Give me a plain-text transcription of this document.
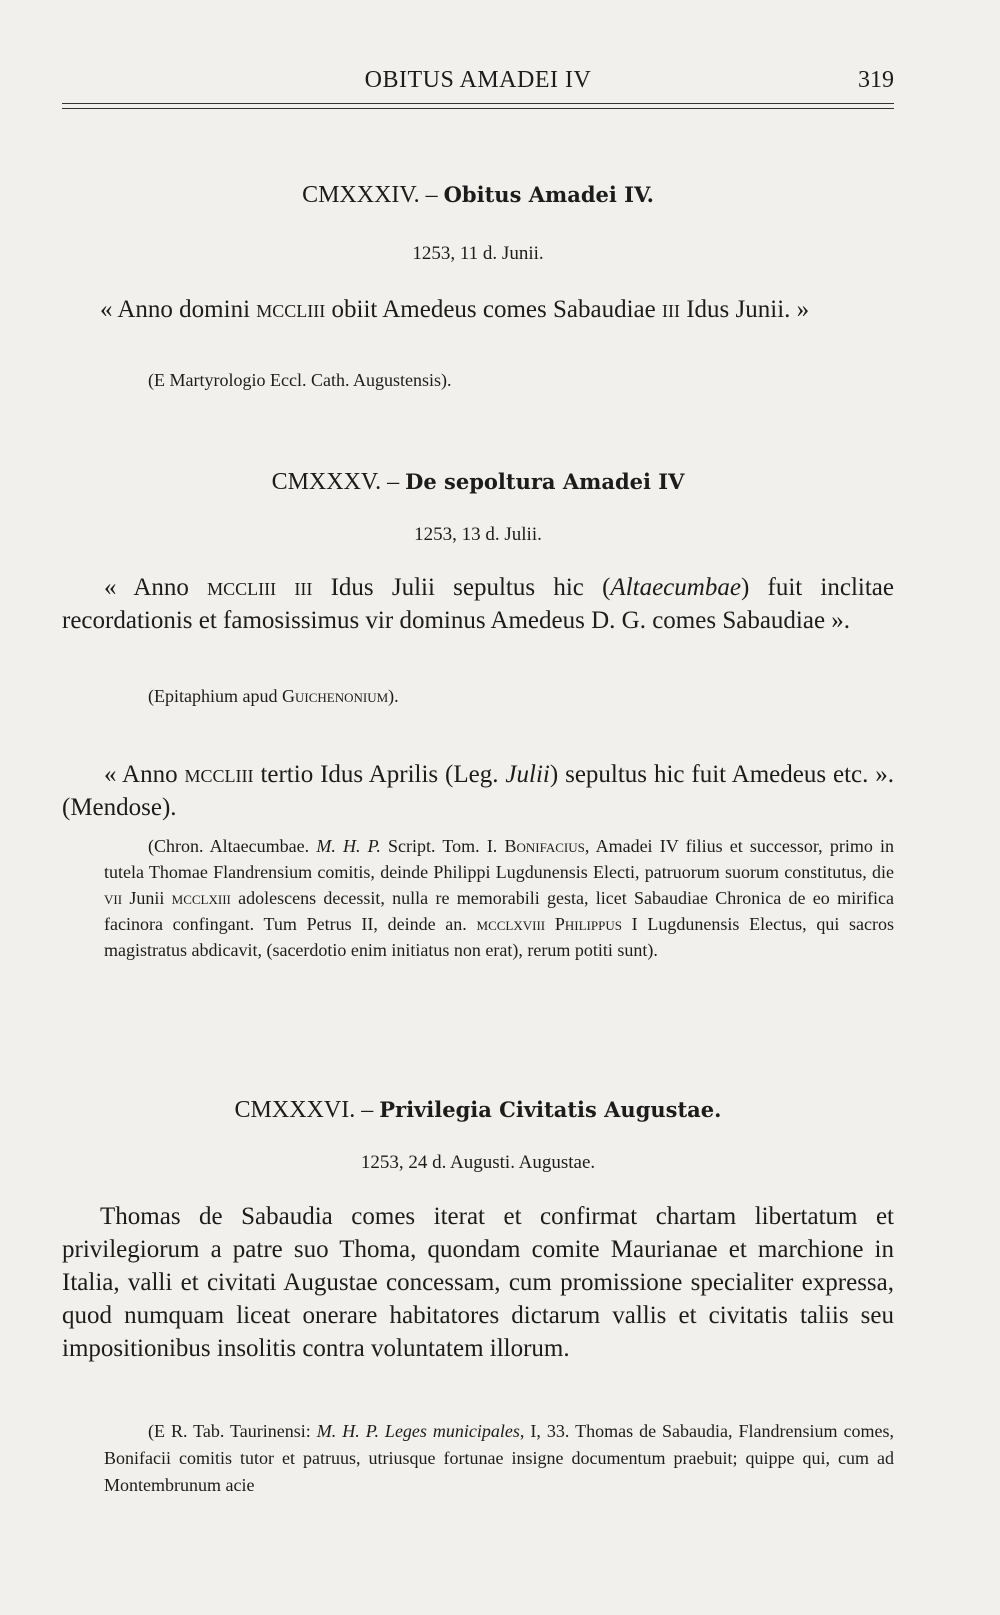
OBITUS AMADEI IV	319
CMXXXIV. – Obitus Amadei IV.
1253, 11 d. Junii.
« Anno domini mccliii obiit Amedeus comes Sabaudiae iii Idus Junii. »
(E Martyrologio Eccl. Cath. Augustensis).
CMXXXV. – De sepoltura Amadei IV
1253, 13 d. Julii.
« Anno mccliii iii Idus Julii sepultus hic (Altaecumbae) fuit inclitae recordationis et famosissimus vir dominus Amedeus D. G. comes Sabaudiae ».
(Epitaphium apud Guichenonium).
« Anno mccliii tertio Idus Aprilis (Leg. Julii) sepultus hic fuit Amedeus etc. ». (Mendose).
(Chron. Altaecumbae. M. H. P. Script. Tom. I. Bonifacius, Amadei IV filius et successor, primo in tutela Thomae Flandrensium comitis, deinde Philippi Lugdunensis Electi, patruorum suorum constitutus, die vii Junii mcclxiii adolescens decessit, nulla re memorabili gesta, licet Sabaudiae Chronica de eo mirifica facinora confingant. Tum Petrus II, deinde an. mcclxviii Philippus I Lugdunensis Electus, qui sacros magistratus abdicavit, (sacerdotio enim initiatus non erat), rerum potiti sunt).
CMXXXVI. – Privilegia Civitatis Augustae.
1253, 24 d. Augusti. Augustae.
Thomas de Sabaudia comes iterat et confirmat chartam libertatum et privilegiorum a patre suo Thoma, quondam comite Maurianae et marchione in Italia, valli et civitati Augustae concessam, cum promissione specialiter expressa, quod numquam liceat onerare habitatores dictarum vallis et civitatis taliis seu impositionibus insolitis contra voluntatem illorum.
(E R. Tab. Taurinensi: M. H. P. Leges municipales, I, 33. Thomas de Sabaudia, Flandrensium comes, Bonifacii comitis tutor et patruus, utriusque fortunae insigne documentum praebuit; quippe qui, cum ad Montembrunum acie
